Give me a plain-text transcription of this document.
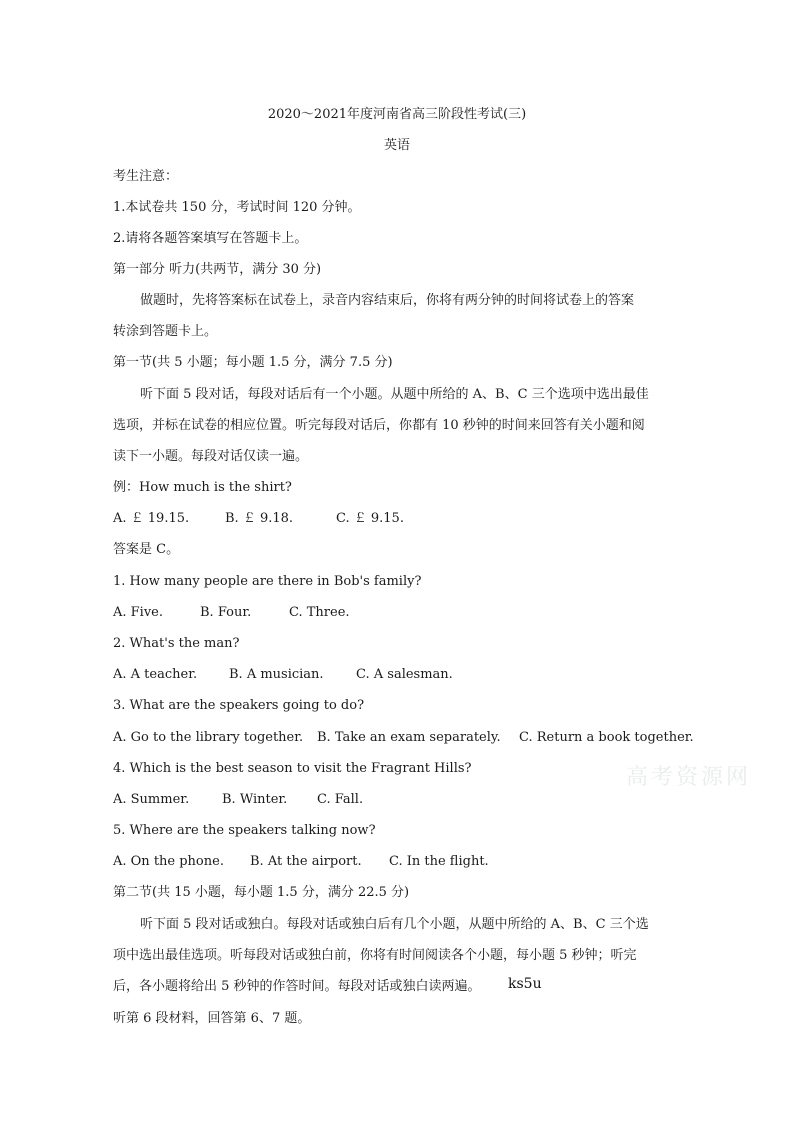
2020～2021年度河南省高三阶段性考试(三)
英语
考生注意：
1.本试卷共 150 分，考试时间 120 分钟。
2.请将各题答案填写在答题卡上。
第一部分 听力(共两节，满分 30 分)
做题时，先将答案标在试卷上，录音内容结束后，你将有两分钟的时间将试卷上的答案
转涂到答题卡上。
第一节(共 5 小题；每小题 1.5 分，满分 7.5 分)
听下面 5 段对话，每段对话后有一个小题。从题中所给的 A、B、C 三个选项中选出最佳
选项，并标在试卷的相应位置。听完每段对话后，你都有 10 秒钟的时间来回答有关小题和阅
读下一小题。每段对话仅读一遍。
例：How much is the shirt?
A. ￡ 19.15.	B. ￡ 9.18.	C. ￡ 9.15.
答案是 C。
1. How many people are there in Bob's family?
A. Five.	B. Four.	C. Three.
2. What's the man?
A. A teacher. B. A musician. C. A salesman.
3. What are the speakers going to do?
A. Go to the library together. B. Take an exam separately. C. Return a book together.
4. Which is the best season to visit the Fragrant Hills?
A. Summer.	B. Winter. C. Fall.
5. Where are the speakers talking now?
A. On the phone. B. At the airport. C. In the flight.
第二节(共 15 小题，每小题 1.5 分，满分 22.5 分)
听下面 5 段对话或独白。每段对话或独白后有几个小题，从题中所给的 A、B、C 三个选
项中选出最佳选项。听每段对话或独白前，你将有时间阅读各个小题，每小题 5 秒钟；听完
后，各小题将给出 5 秒钟的作答时间。每段对话或独白读两遍。 ks5u
听第 6 段材料，回答第 6、7 题。
高考资源网
